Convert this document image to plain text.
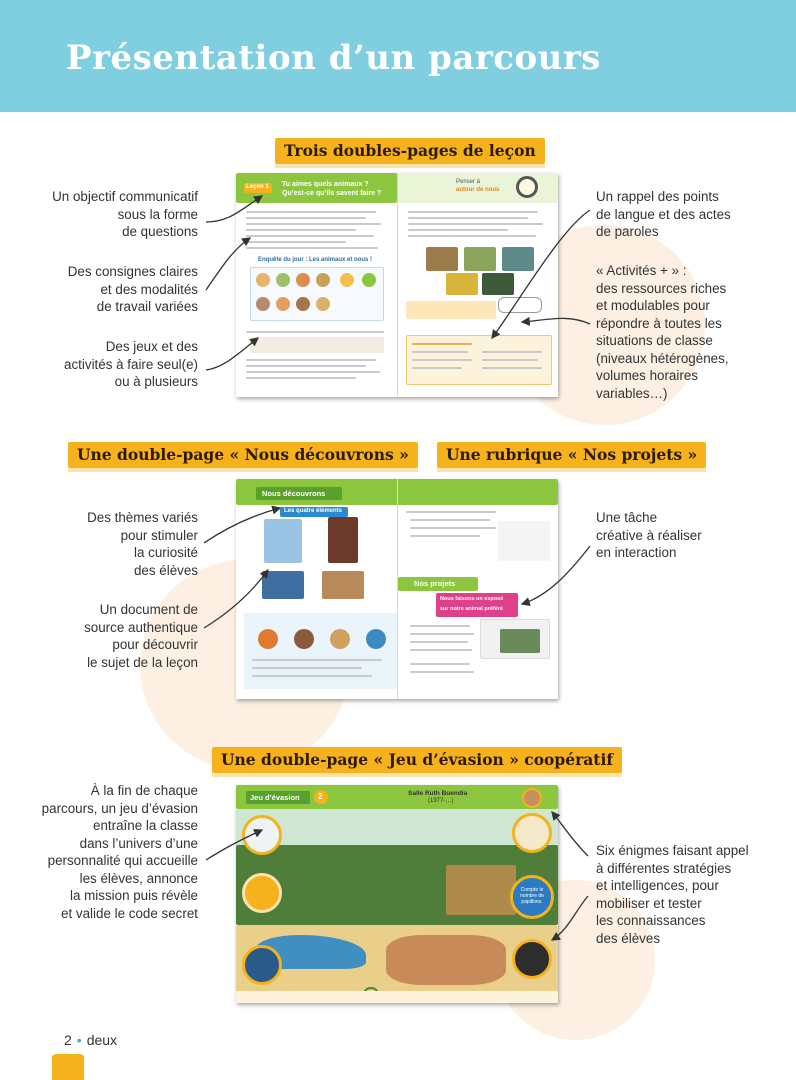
Présentation d’un parcours
Trois doubles-pages de leçon
Un objectif communicatif
sous la forme
de questions
Des consignes claires
et des modalités
de travail variées
Des jeux et des
activités à faire seul(e)
ou à plusieurs
Un rappel des points
de langue et des actes
de paroles
« Activités + » :
des ressources riches
et modulables pour
répondre à toutes les
situations de classe
(niveaux hétérogènes,
volumes horaires
variables…)
Leçon 1 Tu aimes quels animaux ?
Qu’est-ce qu’ils savent faire ?
Penser à
autour de nous
Enquête du jour : Les animaux et nous !
Une double-page « Nous découvrons »	Une rubrique « Nos projets »
Des thèmes variés
pour stimuler
la curiosité
des élèves
Un document de
source authentique
pour découvrir
le sujet de la leçon
Une tâche
créative à réaliser
en interaction
Nous découvrons
Les quatre éléments
Nos projets
Nous faisons un exposé
sur notre animal préféré
Une double-page « Jeu d’évasion » coopératif
À la fin de chaque
parcours, un jeu d’évasion
entraîne la classe
dans l’univers d’une
personnalité qui accueille
les élèves, annonce
la mission puis révèle
et valide le code secret
Six énigmes faisant appel
à différentes stratégies
et intelligences, pour
mobiliser et tester
les connaissances
des élèves
Jeu d’évasion 2	Salle Ruth Buendia
(1977-…)
Compte le nombre de papillons.
2 • deux
